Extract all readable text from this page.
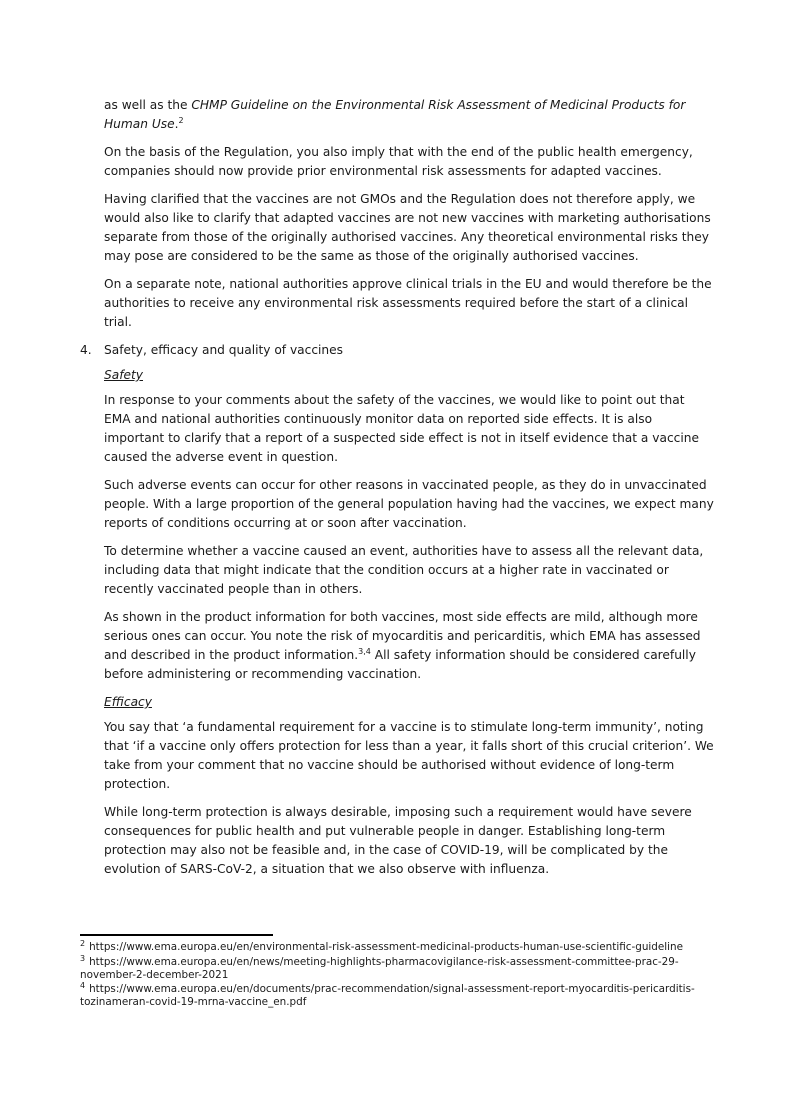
as well as the CHMP Guideline on the Environmental Risk Assessment of Medicinal Products for Human Use.$^2$

On the basis of the Regulation, you also imply that with the end of the public health emergency, companies should now provide prior environmental risk assessments for adapted vaccines.

Having clarified that the vaccines are not GMOs and the Regulation does not therefore apply, we would also like to clarify that adapted vaccines are not new vaccines with marketing authorisations separate from those of the originally authorised vaccines. Any theoretical environmental risks they may pose are considered to be the same as those of the originally authorised vaccines.

On a separate note, national authorities approve clinical trials in the EU and would therefore be the authorities to receive any environmental risk assessments required before the start of a clinical trial.

4.	Safety, efficacy and quality of vaccines
Safety

In response to your comments about the safety of the vaccines, we would like to point out that EMA and national authorities continuously monitor data on reported side effects. It is also important to clarify that a report of a suspected side effect is not in itself evidence that a vaccine caused the adverse event in question.

Such adverse events can occur for other reasons in vaccinated people, as they do in unvaccinated people. With a large proportion of the general population having had the vaccines, we expect many reports of conditions occurring at or soon after vaccination.

To determine whether a vaccine caused an event, authorities have to assess all the relevant data, including data that might indicate that the condition occurs at a higher rate in vaccinated or recently vaccinated people than in others.

As shown in the product information for both vaccines, most side effects are mild, although more serious ones can occur. You note the risk of myocarditis and pericarditis, which EMA has assessed and described in the product information.$^{3,4}$ All safety information should be considered carefully before administering or recommending vaccination.

Efficacy

You say that ‘a fundamental requirement for a vaccine is to stimulate long-term immunity’, noting that ‘if a vaccine only offers protection for less than a year, it falls short of this crucial criterion’. We take from your comment that no vaccine should be authorised without evidence of long-term protection.

While long-term protection is always desirable, imposing such a requirement would have severe consequences for public health and put vulnerable people in danger. Establishing long-term protection may also not be feasible and, in the case of COVID-19, will be complicated by the evolution of SARS-CoV-2, a situation that we also observe with influenza.

$^2$ https://www.ema.europa.eu/en/environmental-risk-assessment-medicinal-products-human-use-scientific-guideline
$^3$ https://www.ema.europa.eu/en/news/meeting-highlights-pharmacovigilance-risk-assessment-committee-prac-29-november-2-december-2021
$^4$ https://www.ema.europa.eu/en/documents/prac-recommendation/signal-assessment-report-myocarditis-pericarditis-tozinameran-covid-19-mrna-vaccine_en.pdf
